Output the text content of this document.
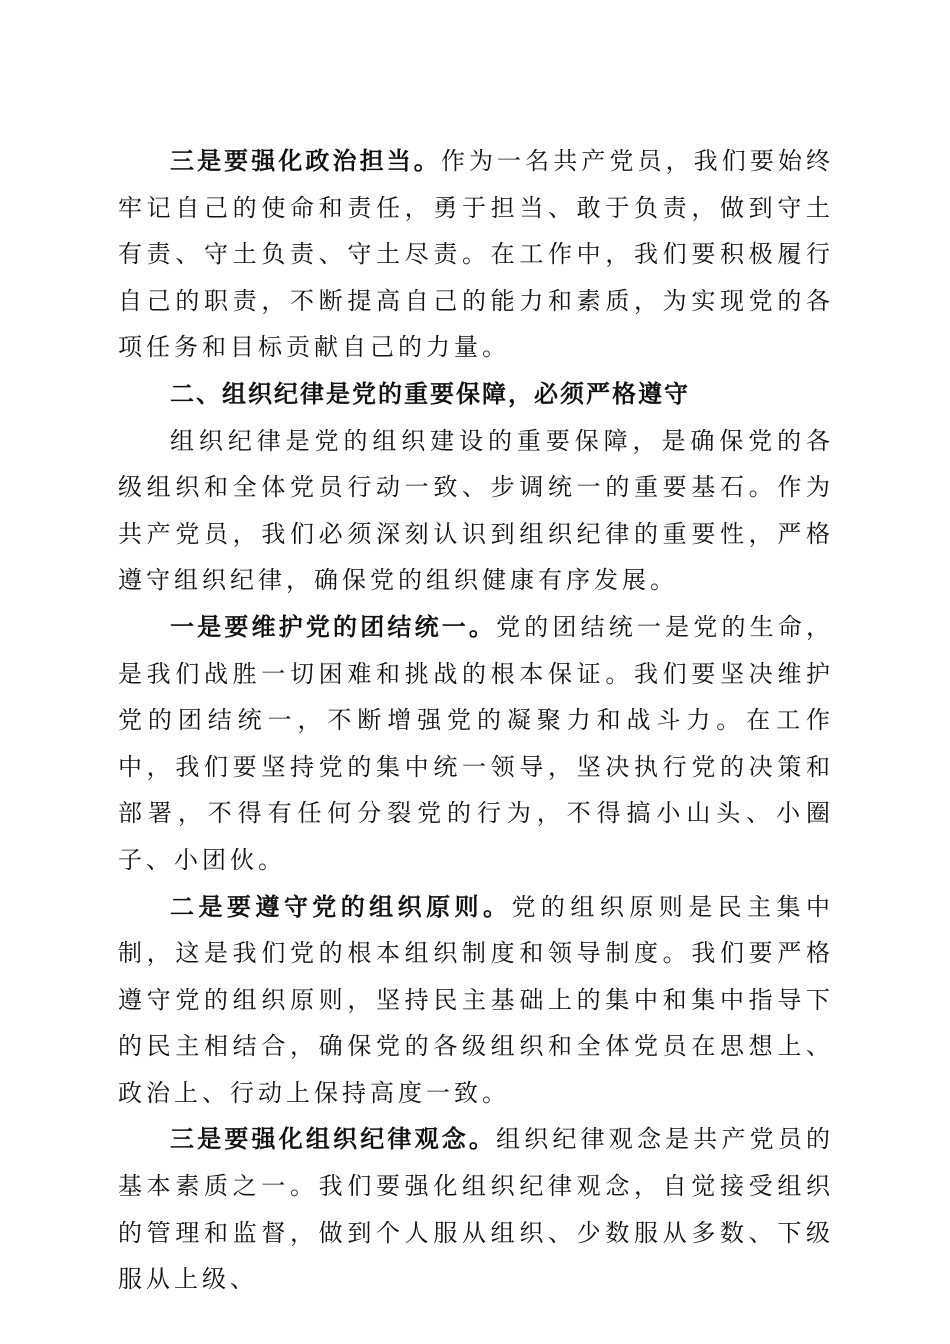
三是要强化政治担当。作为一名共产党员，我们要始终牢记自己的使命和责任，勇于担当、敢于负责，做到守土有责、守土负责、守土尽责。在工作中，我们要积极履行自己的职责，不断提高自己的能力和素质，为实现党的各项任务和目标贡献自己的力量。

二、组织纪律是党的重要保障，必须严格遵守

组织纪律是党的组织建设的重要保障，是确保党的各级组织和全体党员行动一致、步调统一的重要基石。作为共产党员，我们必须深刻认识到组织纪律的重要性，严格遵守组织纪律，确保党的组织健康有序发展。

一是要维护党的团结统一。党的团结统一是党的生命，是我们战胜一切困难和挑战的根本保证。我们要坚决维护党的团结统一，不断增强党的凝聚力和战斗力。在工作中，我们要坚持党的集中统一领导，坚决执行党的决策和部署，不得有任何分裂党的行为，不得搞小山头、小圈子、小团伙。

二是要遵守党的组织原则。党的组织原则是民主集中制，这是我们党的根本组织制度和领导制度。我们要严格遵守党的组织原则，坚持民主基础上的集中和集中指导下的民主相结合，确保党的各级组织和全体党员在思想上、政治上、行动上保持高度一致。

三是要强化组织纪律观念。组织纪律观念是共产党员的基本素质之一。我们要强化组织纪律观念，自觉接受组织的管理和监督，做到个人服从组织、少数服从多数、下级服从上级、
